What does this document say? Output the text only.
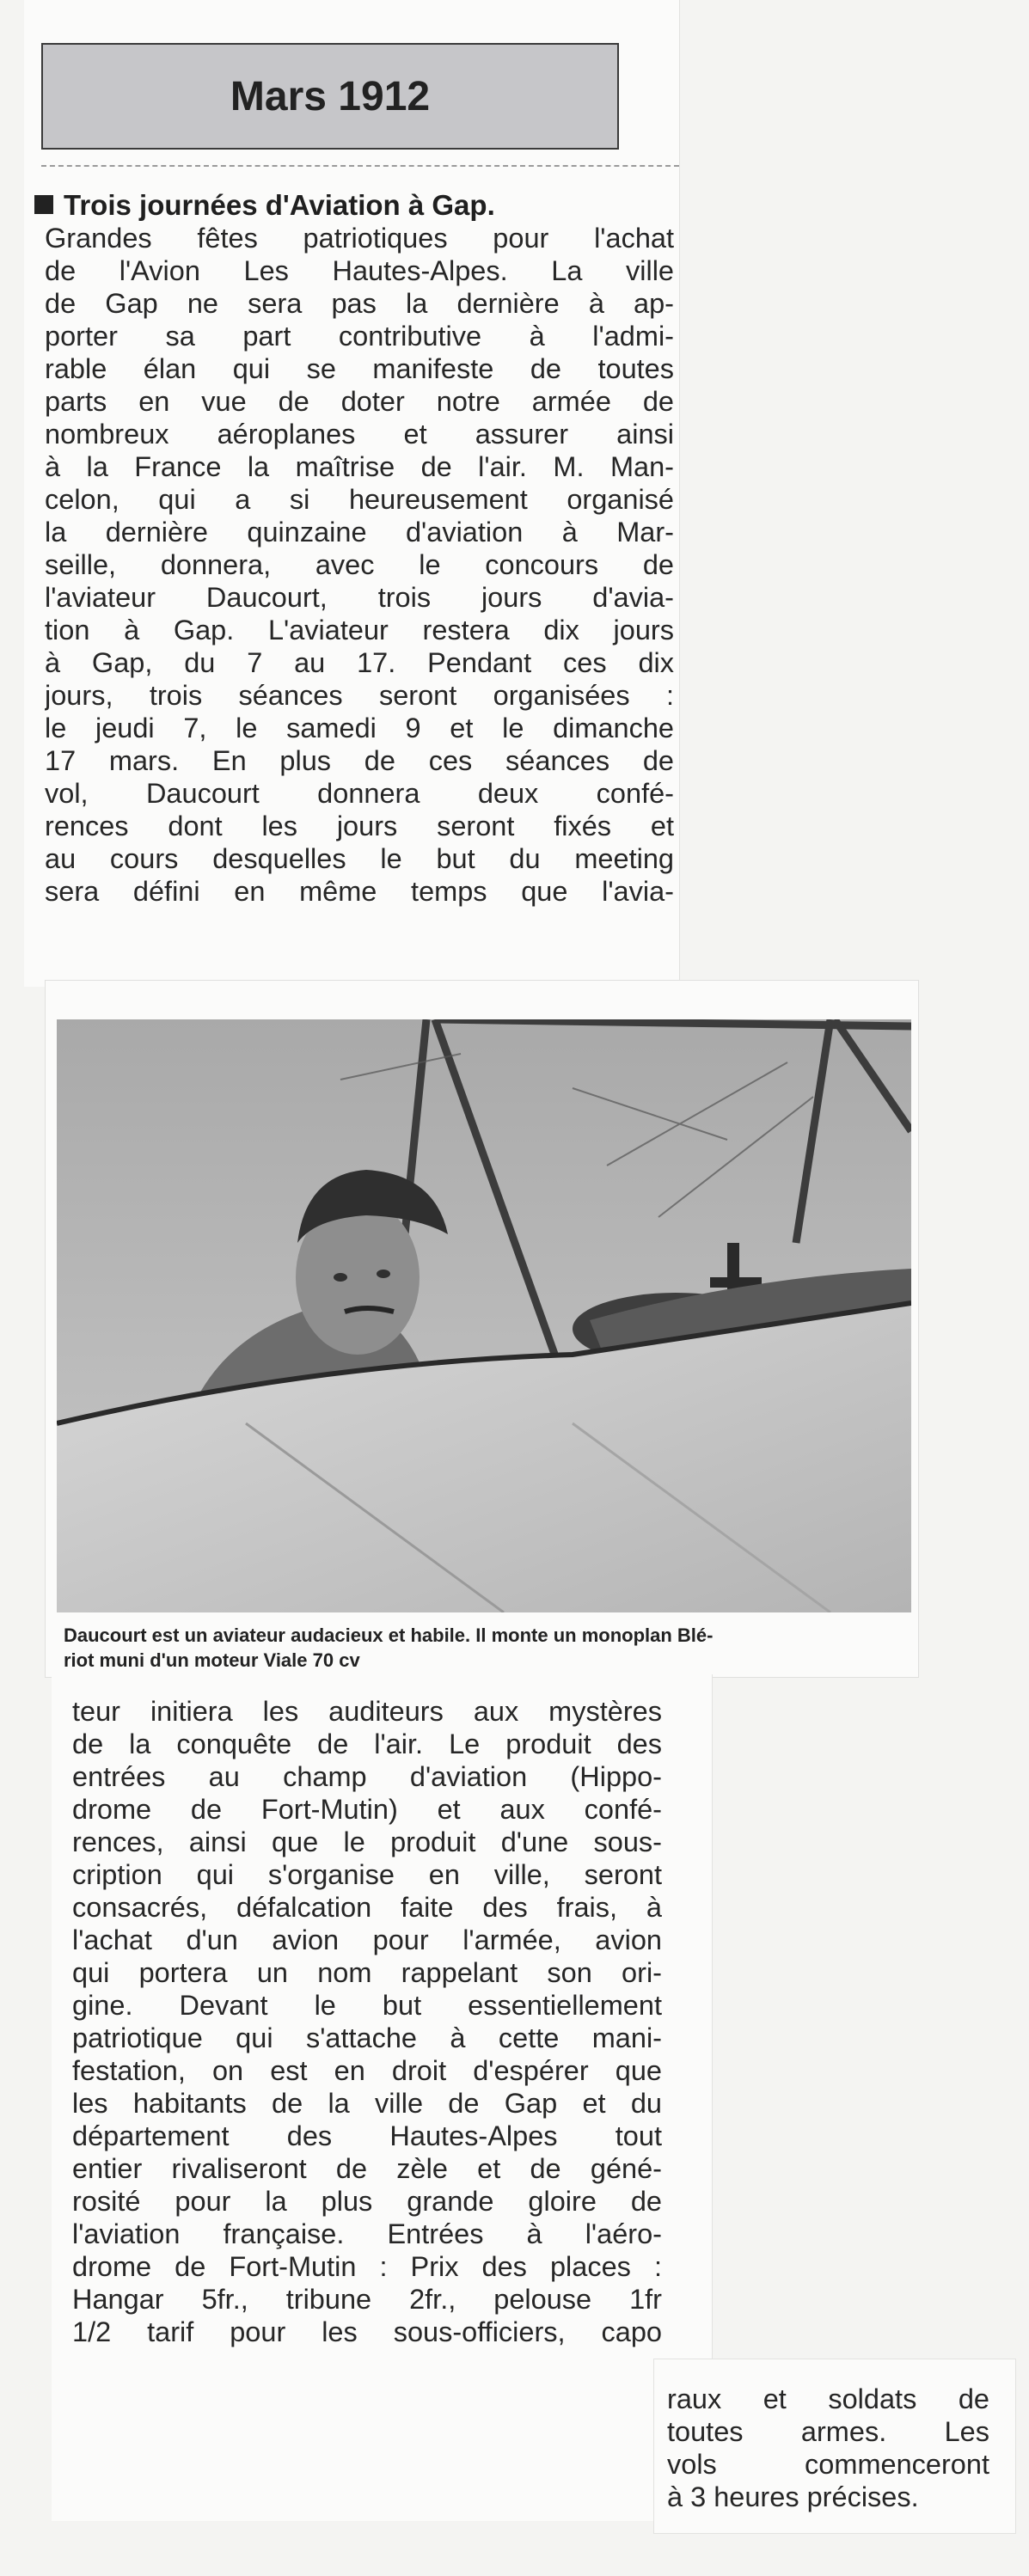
Mars 1912
Trois journées d'Aviation à Gap.
Grandes fêtes patriotiques pour l'achat
de l'Avion Les Hautes-Alpes. La ville
de Gap ne sera pas la dernière à ap-
porter sa part contributive à l'admi-
rable élan qui se manifeste de toutes
parts en vue de doter notre armée de
nombreux aéroplanes et assurer ainsi
à la France la maîtrise de l'air. M. Man-
celon, qui a si heureusement organisé
la dernière quinzaine d'aviation à Mar-
seille, donnera, avec le concours de
l'aviateur Daucourt, trois jours d'avia-
tion à Gap. L'aviateur restera dix jours
à Gap, du 7 au 17. Pendant ces dix
jours, trois séances seront organisées :
le jeudi 7, le samedi 9 et le dimanche
17 mars. En plus de ces séances de
vol, Daucourt donnera deux confé-
rences dont les jours seront fixés et
au cours desquelles le but du meeting
sera défini en même temps que l'avia-
Daucourt est un aviateur audacieux et habile. Il monte un monoplan Blé-
riot muni d'un moteur Viale 70 cv
teur initiera les auditeurs aux mystères
de la conquête de l'air. Le produit des
entrées au champ d'aviation (Hippo-
drome de Fort-Mutin) et aux confé-
rences, ainsi que le produit d'une sous-
cription qui s'organise en ville, seront
consacrés, défalcation faite des frais, à
l'achat d'un avion pour l'armée, avion
qui portera un nom rappelant son ori-
gine. Devant le but essentiellement
patriotique qui s'attache à cette mani-
festation, on est en droit d'espérer que
les habitants de la ville de Gap et du
département des Hautes-Alpes tout
entier rivaliseront de zèle et de géné-
rosité pour la plus grande gloire de
l'aviation française. Entrées à l'aéro-
drome de Fort-Mutin : Prix des places :
Hangar 5fr., tribune 2fr., pelouse 1fr
1/2 tarif pour les sous-officiers, capo
raux et soldats de
toutes armes. Les
vols commenceront
à 3 heures précises.
